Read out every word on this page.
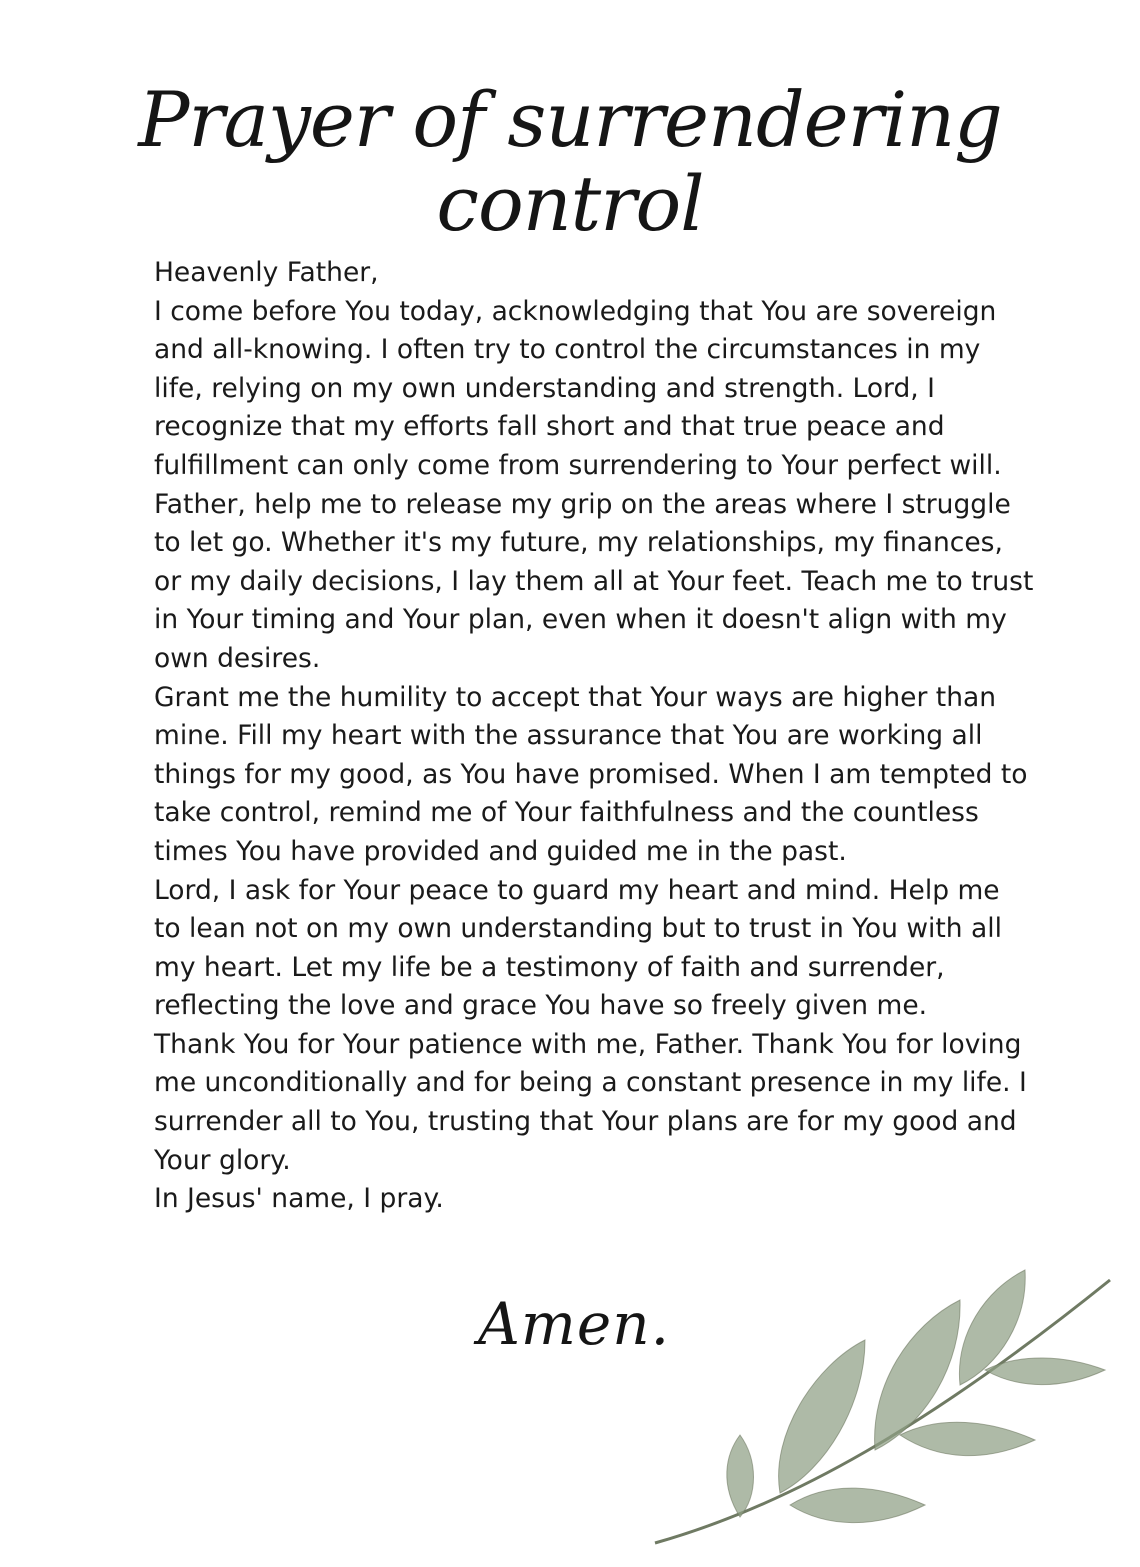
Prayer of surrendering control

Heavenly Father,

I come before You today, acknowledging that You are sovereign and all-knowing. I often try to control the circumstances in my life, relying on my own understanding and strength. Lord, I recognize that my efforts fall short and that true peace and fulfillment can only come from surrendering to Your perfect will.

Father, help me to release my grip on the areas where I struggle to let go. Whether it's my future, my relationships, my finances, or my daily decisions, I lay them all at Your feet. Teach me to trust in Your timing and Your plan, even when it doesn't align with my own desires.

Grant me the humility to accept that Your ways are higher than mine. Fill my heart with the assurance that You are working all things for my good, as You have promised. When I am tempted to take control, remind me of Your faithfulness and the countless times You have provided and guided me in the past.

Lord, I ask for Your peace to guard my heart and mind. Help me to lean not on my own understanding but to trust in You with all my heart. Let my life be a testimony of faith and surrender, reflecting the love and grace You have so freely given me.

Thank You for Your patience with me, Father. Thank You for loving me unconditionally and for being a constant presence in my life. I surrender all to You, trusting that Your plans are for my good and Your glory.

In Jesus' name, I pray.

Amen.
